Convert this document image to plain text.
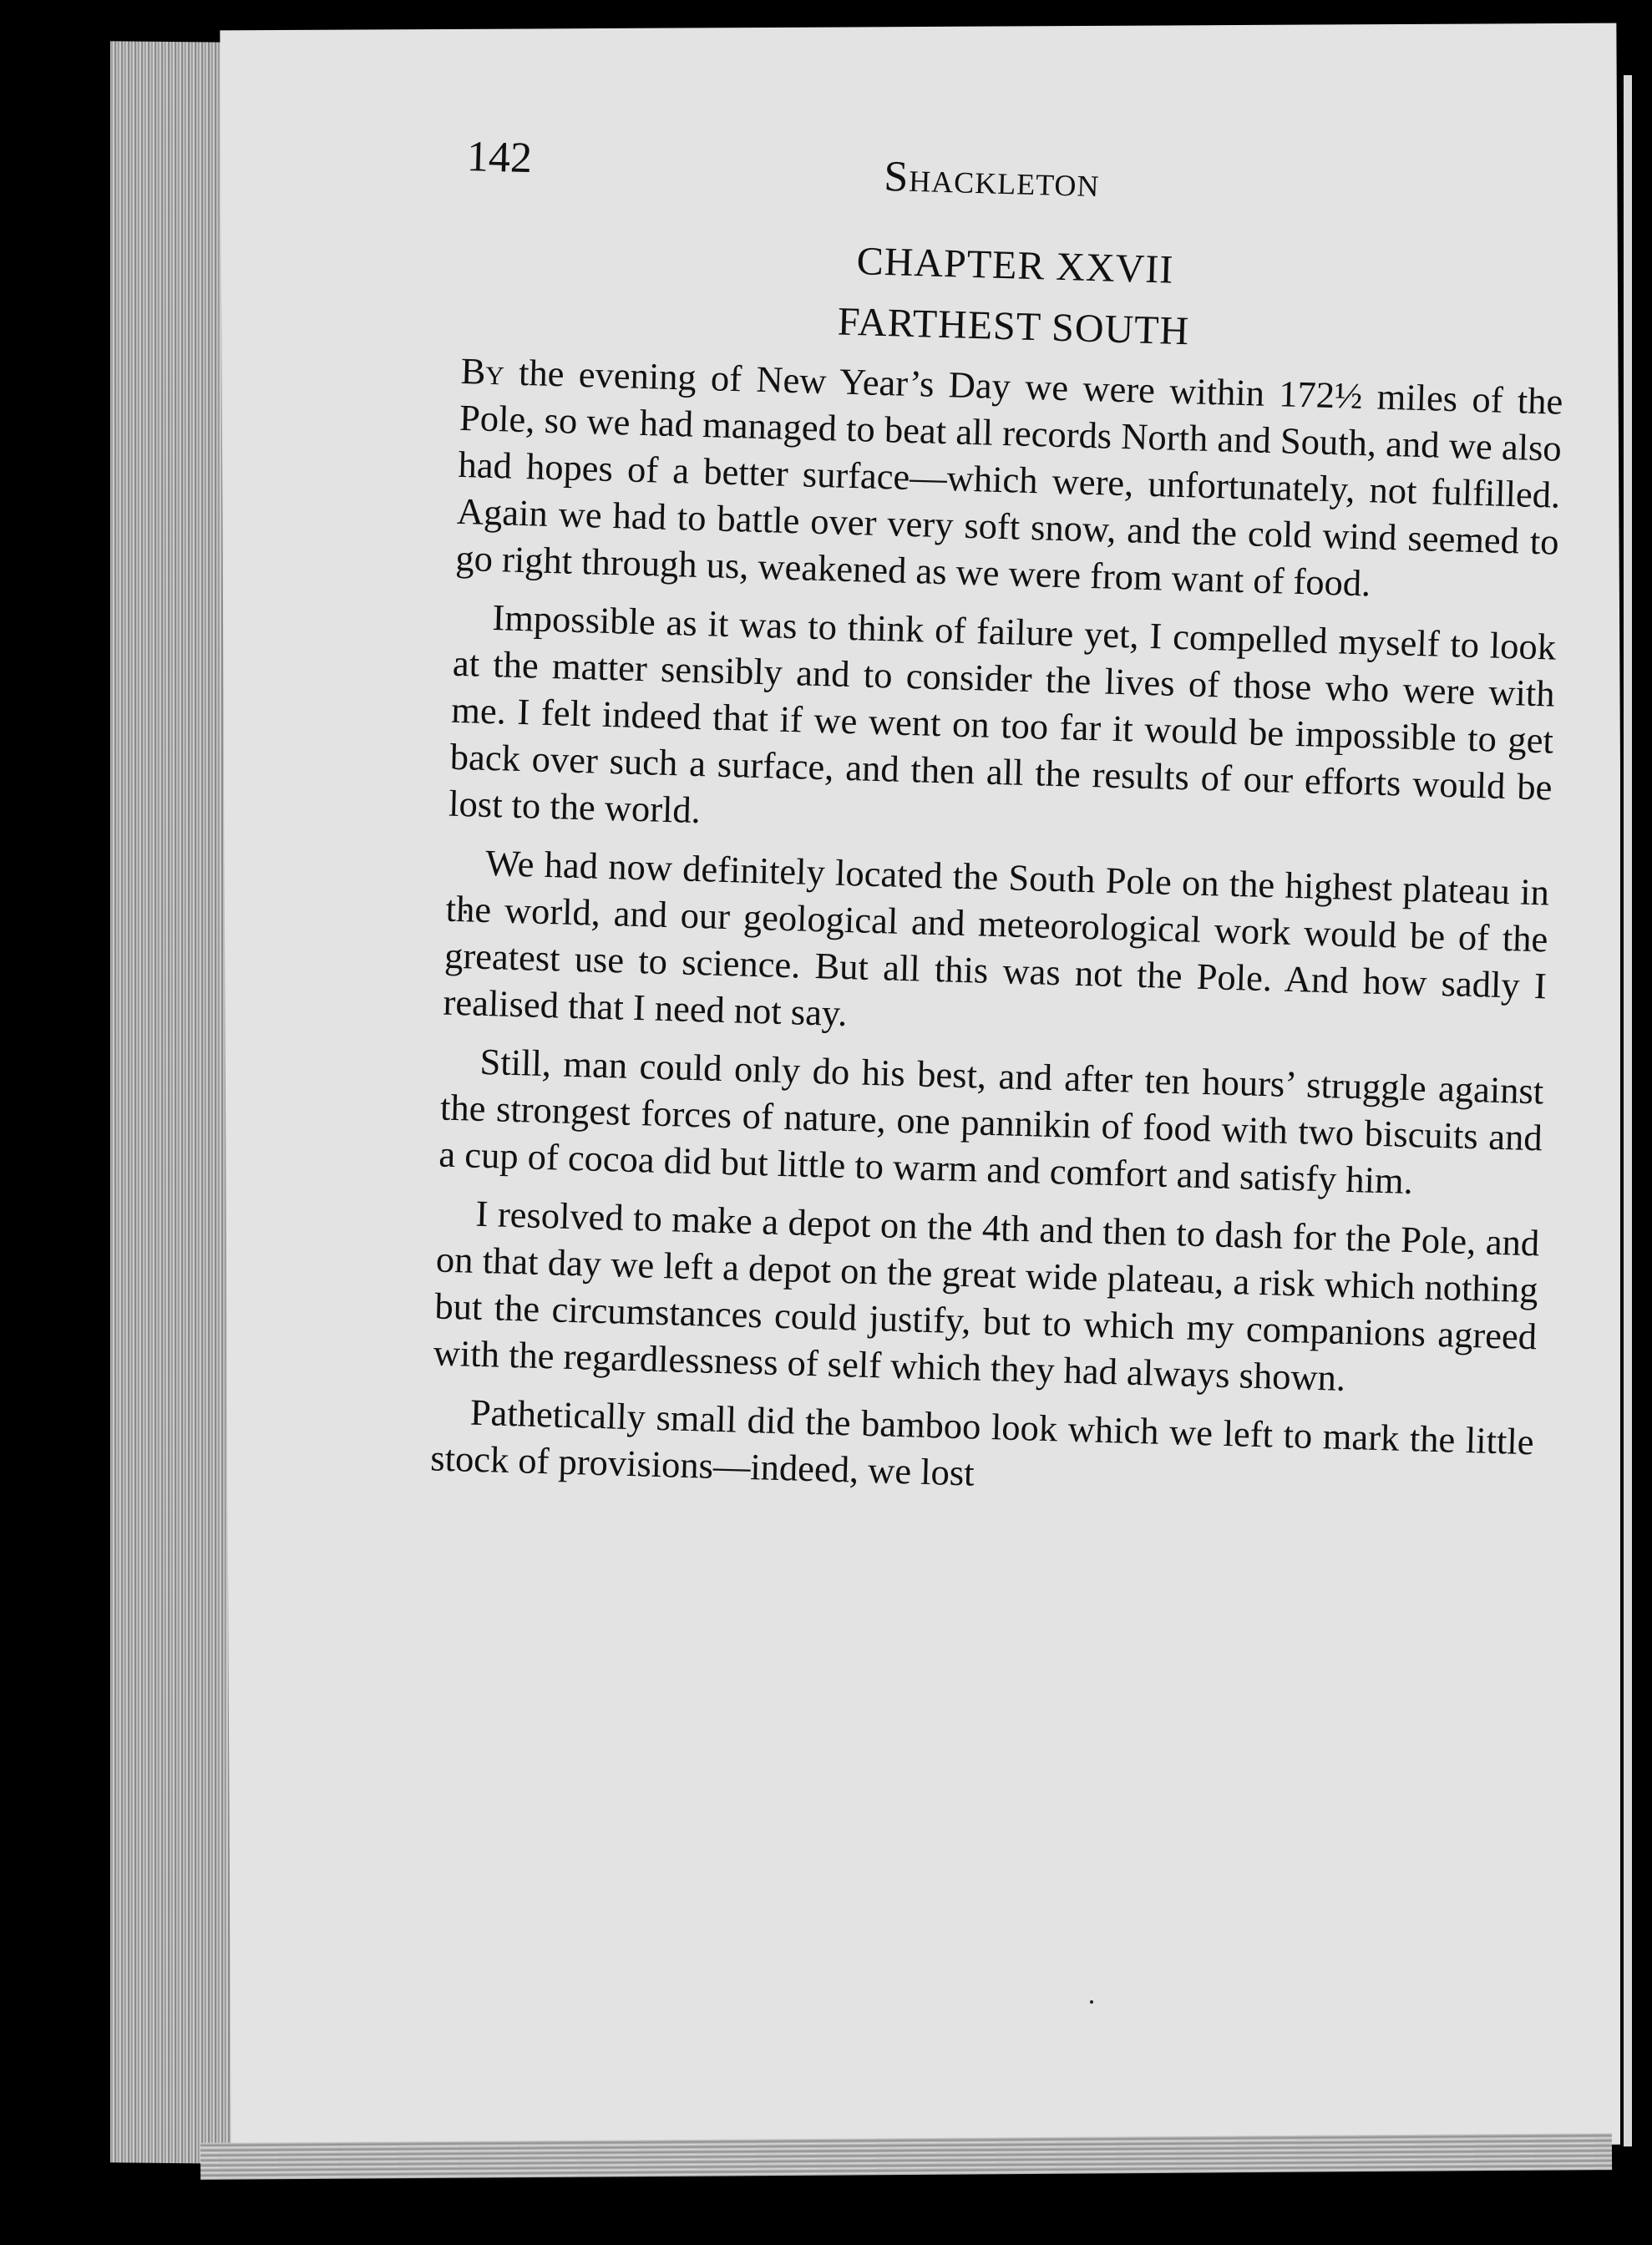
142	Shackleton
CHAPTER XXVII
FARTHEST SOUTH

By the evening of New Year’s Day we were within 172½ miles of the Pole, so we had managed to beat all records North and South, and we also had hopes of a better surface—which were, unfortunately, not fulfilled. Again we had to battle over very soft snow, and the cold wind seemed to go right through us, weakened as we were from want of food.

Impossible as it was to think of failure yet, I compelled myself to look at the matter sensibly and to consider the lives of those who were with me. I felt indeed that if we went on too far it would be impossible to get back over such a surface, and then all the results of our efforts would be lost to the world.

We had now definitely located the South Pole on the highest plateau in the world, and our geological and meteorological work would be of the greatest use to science. But all this was not the Pole. And how sadly I realised that I need not say.

Still, man could only do his best, and after ten hours’ struggle against the strongest forces of nature, one pannikin of food with two biscuits and a cup of cocoa did but little to warm and comfort and satisfy him.

I resolved to make a depot on the 4th and then to dash for the Pole, and on that day we left a depot on the great wide plateau, a risk which nothing but the circumstances could justify, but to which my companions agreed with the regardlessness of self which they had always shown.

Pathetically small did the bamboo look which we left to mark the little stock of provisions—indeed, we lost
